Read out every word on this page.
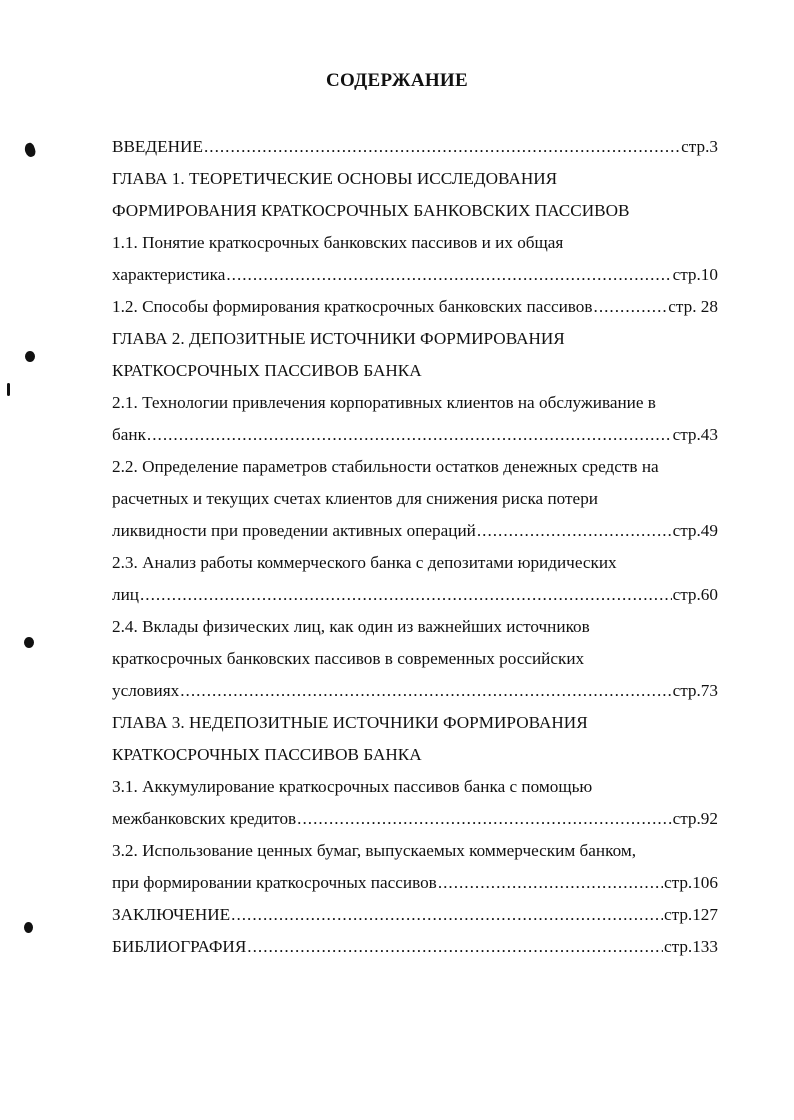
СОДЕРЖАНИЕ
ВВЕДЕНИЕ .....	стр.3
ГЛАВА 1. ТЕОРЕТИЧЕСКИЕ ОСНОВЫ ИССЛЕДОВАНИЯ
ФОРМИРОВАНИЯ КРАТКОСРОЧНЫХ БАНКОВСКИХ ПАССИВОВ
1.1. Понятие краткосрочных банковских пассивов и их общая
характеристика .....	стр.10
1.2. Способы формирования краткосрочных банковских пассивов .....	стр. 28
ГЛАВА 2. ДЕПОЗИТНЫЕ ИСТОЧНИКИ ФОРМИРОВАНИЯ
КРАТКОСРОЧНЫХ ПАССИВОВ БАНКА
2.1. Технологии привлечения корпоративных клиентов на обслуживание в
банк .....	стр.43
2.2. Определение параметров стабильности остатков денежных средств на
расчетных и текущих счетах клиентов для снижения риска потери
ликвидности при проведении активных операций .....	стр.49
2.3. Анализ работы коммерческого банка с депозитами юридических
лиц .....	стр.60
2.4. Вклады физических лиц, как один из важнейших источников
краткосрочных банковских пассивов в современных российских
условиях .....	стр.73
ГЛАВА 3. НЕДЕПОЗИТНЫЕ ИСТОЧНИКИ ФОРМИРОВАНИЯ
КРАТКОСРОЧНЫХ ПАССИВОВ БАНКА
3.1. Аккумулирование краткосрочных пассивов банка с помощью
межбанковских кредитов .....	стр.92
3.2. Использование ценных бумаг, выпускаемых коммерческим банком,
при формировании краткосрочных пассивов .....	стр.106
ЗАКЛЮЧЕНИЕ .....	стр.127
БИБЛИОГРАФИЯ .....	стр.133
